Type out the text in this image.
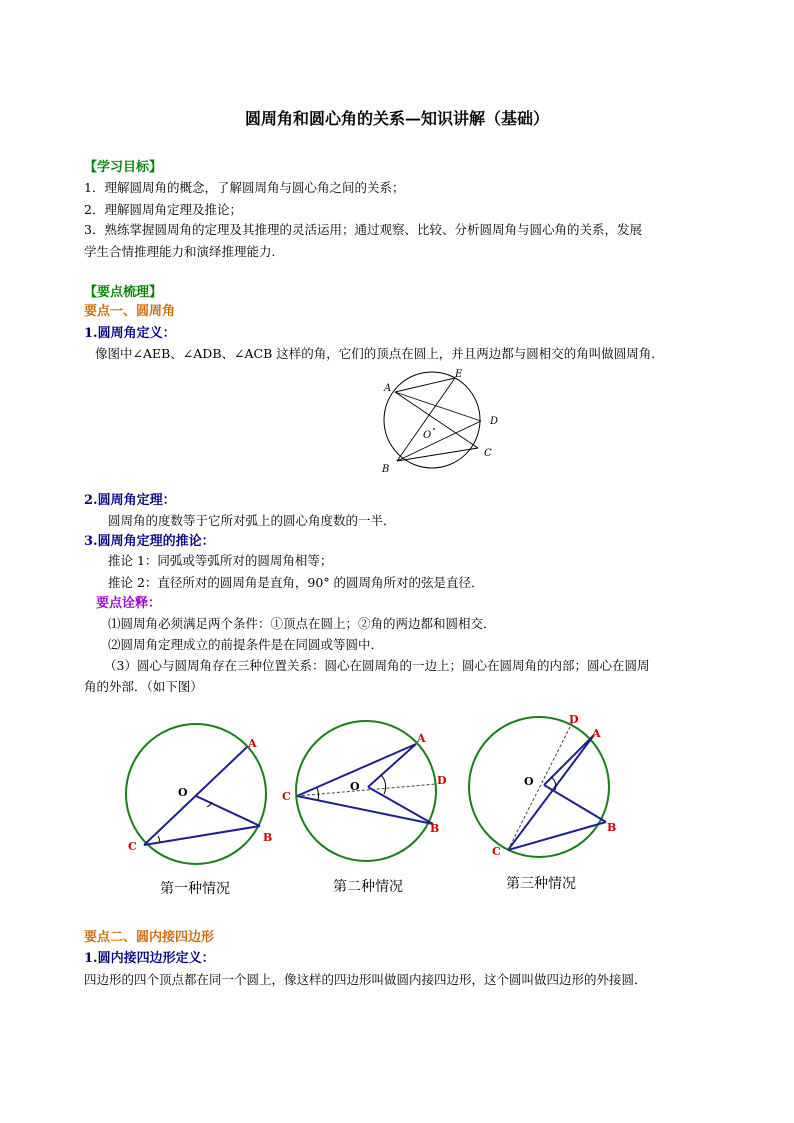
圆周角和圆心角的关系—知识讲解（基础）
【学习目标】
1．理解圆周角的概念，了解圆周角与圆心角之间的关系；
2．理解圆周角定理及推论；
3．熟练掌握圆周角的定理及其推理的灵活运用；通过观察、比较、分析圆周角与圆心角的关系，发展
学生合情推理能力和演绎推理能力．
【要点梳理】
要点一、圆周角
1.圆周角定义：
像图中∠AEB、∠ADB、∠ACB 这样的角，它们的顶点在圆上，并且两边都与圆相交的角叫做圆周角．
A
E
D
O
C
B
2.圆周角定理：
圆周角的度数等于它所对弧上的圆心角度数的一半．
3.圆周角定理的推论：
推论 1：同弧或等弧所对的圆周角相等；
推论 2：直径所对的圆周角是直角，90° 的圆周角所对的弦是直径．
要点诠释：
⑴圆周角必须满足两个条件：①顶点在圆上；②角的两边都和圆相交．
⑵圆周角定理成立的前提条件是在同圆或等圆中．
（3）圆心与圆周角存在三种位置关系：圆心在圆周角的一边上；圆心在圆周角的内部；圆心在圆周
角的外部．（如下图）
O
A
B
C
O
A
D
B
C
O
D
A
B
C
第一种情况	第二种情况	第三种情况
要点二、圆内接四边形
1.圆内接四边形定义：
四边形的四个顶点都在同一个圆上，像这样的四边形叫做圆内接四边形，这个圆叫做四边形的外接圆．
